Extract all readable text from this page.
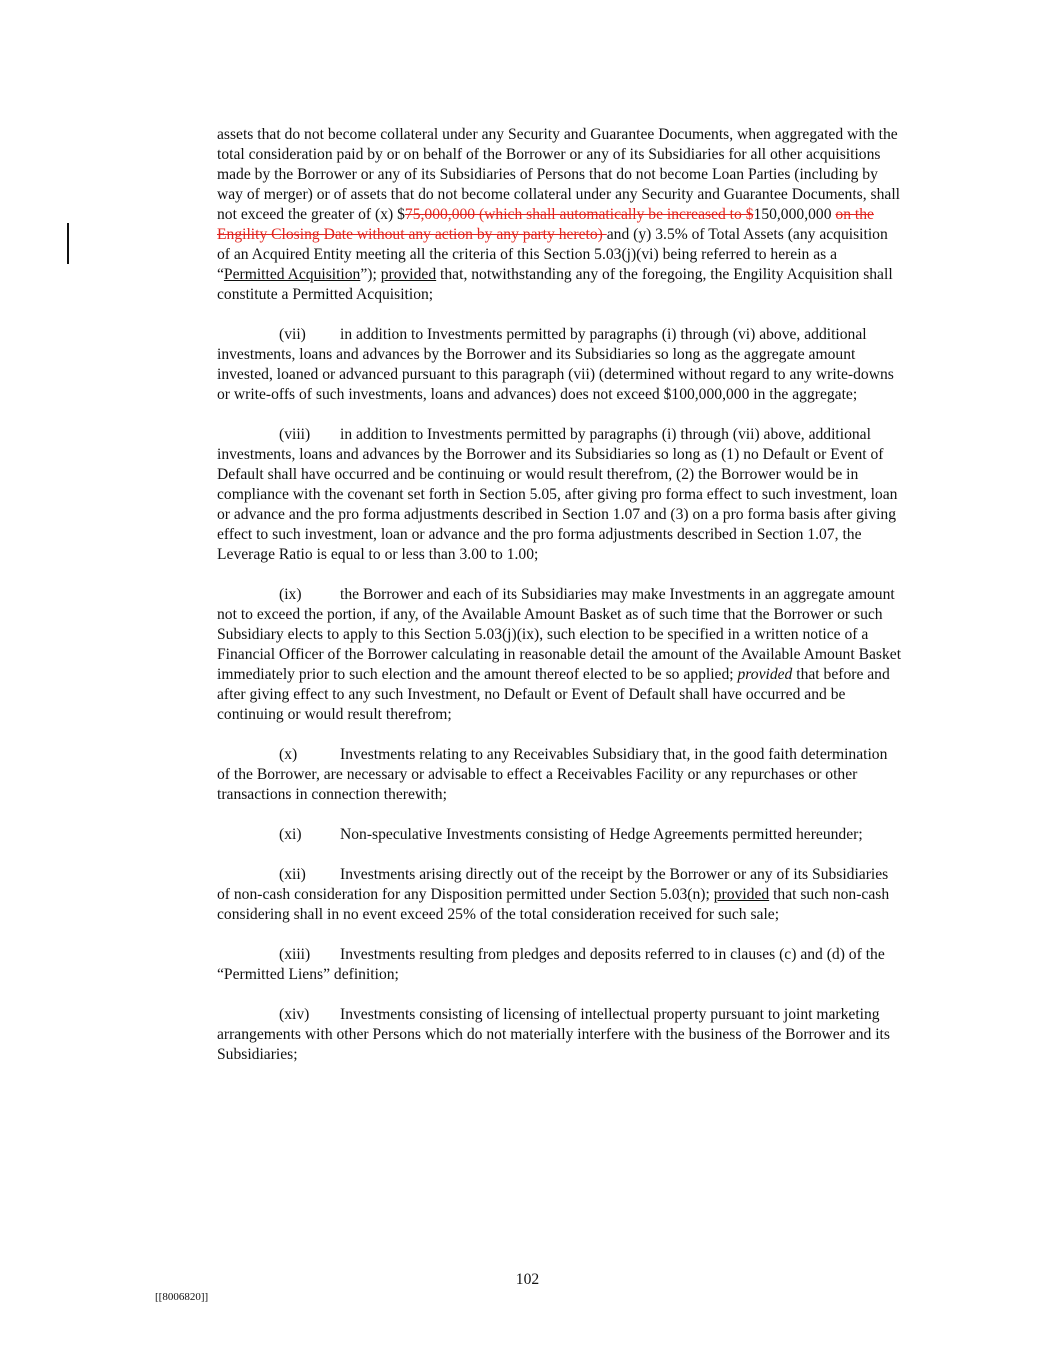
assets that do not become collateral under any Security and Guarantee Documents, when aggregated with the total consideration paid by or on behalf of the Borrower or any of its Subsidiaries for all other acquisitions made by the Borrower or any of its Subsidiaries of Persons that do not become Loan Parties (including by way of merger) or of assets that do not become collateral under any Security and Guarantee Documents, shall not exceed the greater of (x) $75,000,000 (which shall automatically be increased to $150,000,000 on the Engility Closing Date without any action by any party hereto) and (y) 3.5% of Total Assets (any acquisition of an Acquired Entity meeting all the criteria of this Section 5.03(j)(vi) being referred to herein as a “Permitted Acquisition”); provided that, notwithstanding any of the foregoing, the Engility Acquisition shall constitute a Permitted Acquisition;

(vii) in addition to Investments permitted by paragraphs (i) through (vi) above, additional investments, loans and advances by the Borrower and its Subsidiaries so long as the aggregate amount invested, loaned or advanced pursuant to this paragraph (vii) (determined without regard to any write-downs or write-offs of such investments, loans and advances) does not exceed $100,000,000 in the aggregate;

(viii) in addition to Investments permitted by paragraphs (i) through (vii) above, additional investments, loans and advances by the Borrower and its Subsidiaries so long as (1) no Default or Event of Default shall have occurred and be continuing or would result therefrom, (2) the Borrower would be in compliance with the covenant set forth in Section 5.05, after giving pro forma effect to such investment, loan or advance and the pro forma adjustments described in Section 1.07 and (3) on a pro forma basis after giving effect to such investment, loan or advance and the pro forma adjustments described in Section 1.07, the Leverage Ratio is equal to or less than 3.00 to 1.00;

(ix) the Borrower and each of its Subsidiaries may make Investments in an aggregate amount not to exceed the portion, if any, of the Available Amount Basket as of such time that the Borrower or such Subsidiary elects to apply to this Section 5.03(j)(ix), such election to be specified in a written notice of a Financial Officer of the Borrower calculating in reasonable detail the amount of the Available Amount Basket immediately prior to such election and the amount thereof elected to be so applied; provided that before and after giving effect to any such Investment, no Default or Event of Default shall have occurred and be continuing or would result therefrom;

(x)	Investments relating to any Receivables Subsidiary that, in the good faith determination of the Borrower, are necessary or advisable to effect a Receivables Facility or any repurchases or other transactions in connection therewith;

(xi) Non-speculative Investments consisting of Hedge Agreements permitted hereunder;

(xii) Investments arising directly out of the receipt by the Borrower or any of its Subsidiaries of non-cash consideration for any Disposition permitted under Section 5.03(n); provided that such non-cash considering shall in no event exceed 25% of the total consideration received for such sale;

(xiii) Investments resulting from pledges and deposits referred to in clauses (c) and (d) of the “Permitted Liens” definition;

(xiv) Investments consisting of licensing of intellectual property pursuant to joint marketing arrangements with other Persons which do not materially interfere with the business of the Borrower and its Subsidiaries;

102
[[8006820]]
